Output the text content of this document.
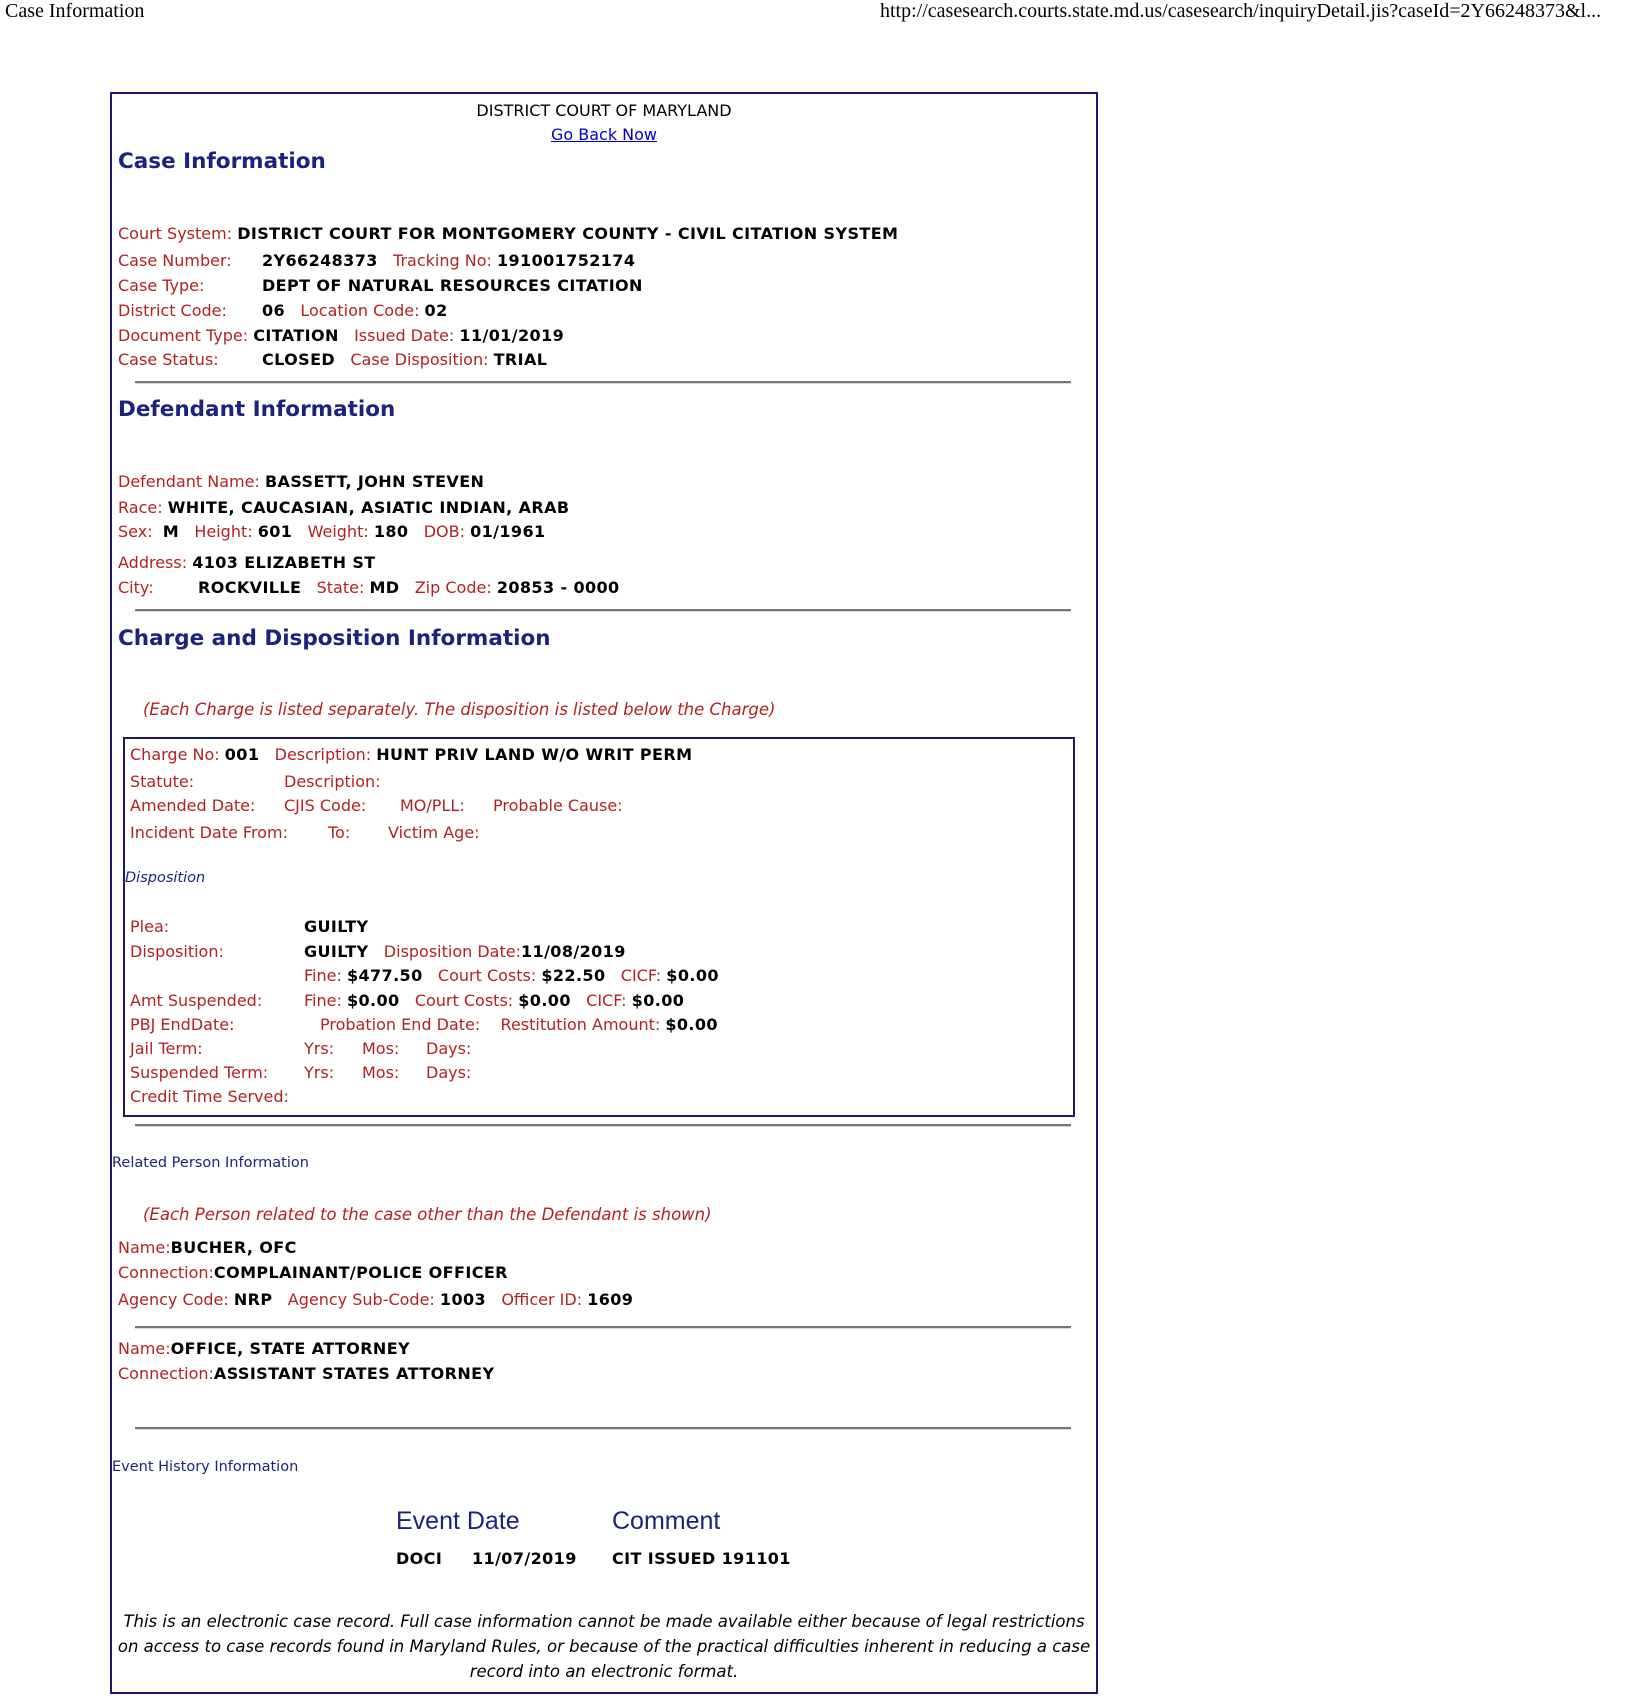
Case Information	http://casesearch.courts.state.md.us/casesearch/inquiryDetail.jis?caseId=2Y66248373&l...
DISTRICT COURT OF MARYLAND
Go Back Now
Case Information
Court System: DISTRICT COURT FOR MONTGOMERY COUNTY - CIVIL CITATION SYSTEM
Case Number: 2Y66248373 Tracking No: 191001752174
Case Type:	DEPT OF NATURAL RESOURCES CITATION
District Code: 06 Location Code: 02
Document Type: CITATION Issued Date: 11/01/2019
Case Status:	CLOSED Case Disposition: TRIAL
Defendant Information
Defendant Name: BASSETT, JOHN STEVEN
Race: WHITE, CAUCASIAN, ASIATIC INDIAN, ARAB
Sex: M Height: 601 Weight: 180 DOB: 01/1961
Address: 4103 ELIZABETH ST
City:	ROCKVILLE State: MD Zip Code: 20853 - 0000
Charge and Disposition Information
(Each Charge is listed separately. The disposition is listed below the Charge)
Charge No: 001 Description: HUNT PRIV LAND W/O WRIT PERM
Statute:	Description:
Amended Date: CJIS Code: MO/PLL: Probable Cause:
Incident Date From:	To: Victim Age:
Disposition
Plea:	GUILTY
Disposition:	GUILTY Disposition Date:11/08/2019
Fine: $477.50 Court Costs: $22.50 CICF: $0.00
Amt Suspended:	Fine: $0.00 Court Costs: $0.00 CICF: $0.00
PBJ EndDate:	Probation End Date: Restitution Amount: $0.00
Jail Term:	Yrs: Mos: Days:
Suspended Term: Yrs: Mos: Days:
Credit Time Served:
Related Person Information
(Each Person related to the case other than the Defendant is shown)
Name:BUCHER, OFC
Connection:COMPLAINANT/POLICE OFFICER
Agency Code: NRP Agency Sub-Code: 1003 Officer ID: 1609
Name:OFFICE, STATE ATTORNEY
Connection:ASSISTANT STATES ATTORNEY
Event History Information
Event Date	Comment
DOCI 11/07/2019 CIT ISSUED 191101
This is an electronic case record. Full case information cannot be made available either because of legal restrictions
on access to case records found in Maryland Rules, or because of the practical difficulties inherent in reducing a case
record into an electronic format.
